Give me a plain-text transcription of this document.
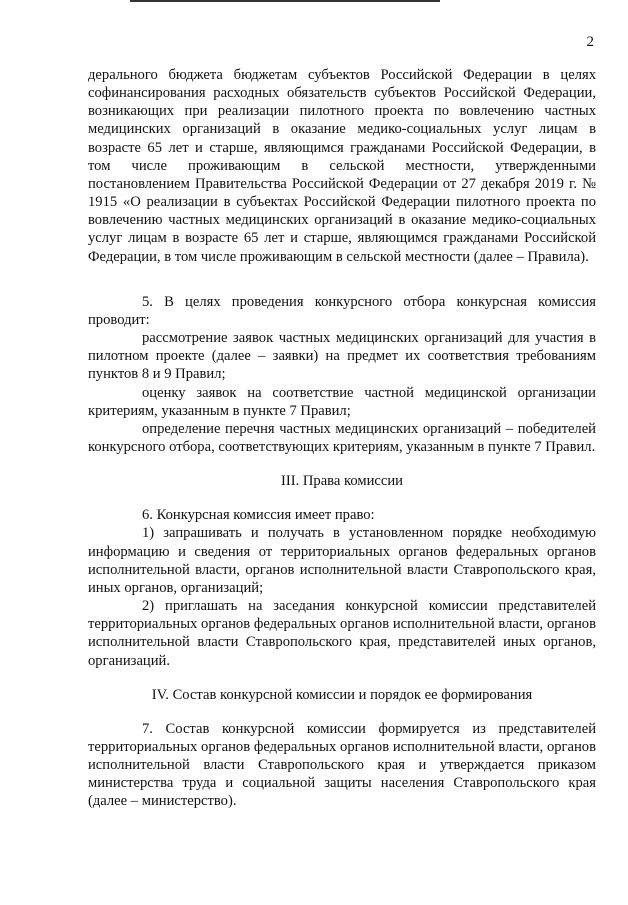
2

дерального бюджета бюджетам субъектов Российской Федерации в целях софинансирования расходных обязательств субъектов Российской Федерации, возникающих при реализации пилотного проекта по вовлечению частных медицинских организаций в оказание медико-социальных услуг лицам в возрасте 65 лет и старше, являющимся гражданами Российской Федерации, в том числе проживающим в сельской местности, утвержденными постановлением Правительства Российской Федерации от 27 декабря 2019 г. № 1915 «О реализации в субъектах Российской Федерации пилотного проекта по вовлечению частных медицинских организаций в оказание медико-социальных услуг лицам в возрасте 65 лет и старше, являющимся гражданами Российской Федерации, в том числе проживающим в сельской местности (далее – Правила).

5. В целях проведения конкурсного отбора конкурсная комиссия проводит:

рассмотрение заявок частных медицинских организаций для участия в пилотном проекте (далее – заявки) на предмет их соответствия требованиям пунктов 8 и 9 Правил;

оценку заявок на соответствие частной медицинской организации критериям, указанным в пункте 7 Правил;

определение перечня частных медицинских организаций – победителей конкурсного отбора, соответствующих критериям, указанным в пункте 7 Правил.

III. Права комиссии

6. Конкурсная комиссия имеет право:

1) запрашивать и получать в установленном порядке необходимую информацию и сведения от территориальных органов федеральных органов исполнительной власти, органов исполнительной власти Ставропольского края, иных органов, организаций;

2) приглашать на заседания конкурсной комиссии представителей территориальных органов федеральных органов исполнительной власти, органов исполнительной власти Ставропольского края, представителей иных органов, организаций.

IV. Состав конкурсной комиссии и порядок ее формирования

7. Состав конкурсной комиссии формируется из представителей территориальных органов федеральных органов исполнительной власти, органов исполнительной власти Ставропольского края и утверждается приказом министерства труда и социальной защиты населения Ставропольского края (далее – министерство).
